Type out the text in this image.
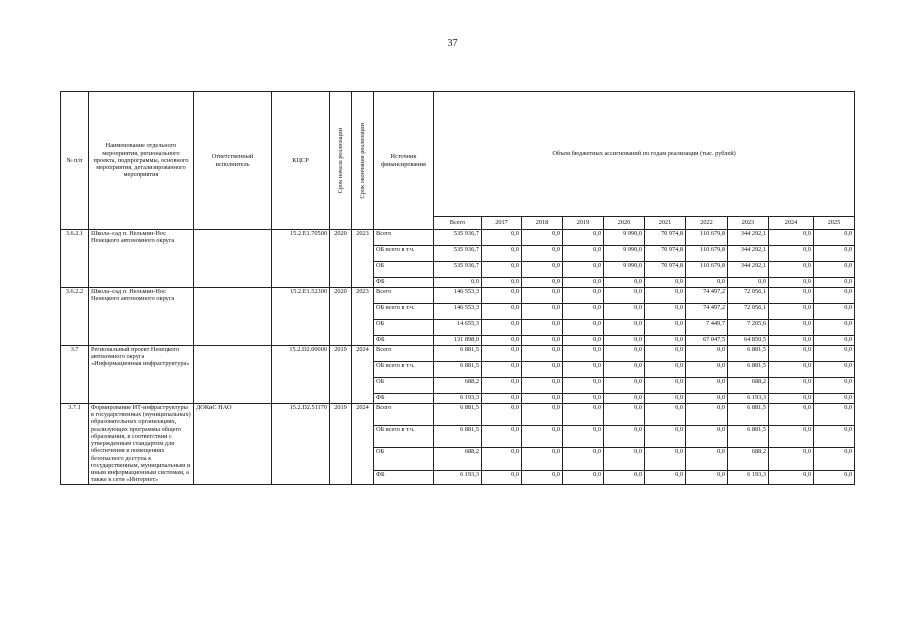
37
№ п/п	Наименование отдельного мероприятия, регионального проекта, подпрограммы, основного мероприятия, детализированного мероприятия	Ответственный исполнитель	КЦСР	Срок начала реализации	Срок окончания реализации	Источник финансирования	Объем бюджетных ассигнований по годам реализации (тыс. рублей)									
							Всего	2017	2018	2019	2020	2021	2022	2023	2024	2025
3.6.2.1	Школа–сад п. Нельмин-Нос Ненецкого автономного округа		15.2.E1.70500	2020	2023	Всего	535 936,7	0,0	0,0	0,0	9 990,0	70 974,8	110 679,8	344 292,1	0,0	0,0
						ОБ всего в т.ч.	535 936,7	0,0	0,0	0,0	9 990,0	70 974,8	110 679,8	344 292,1	0,0	0,0
						ОБ	535 936,7	0,0	0,0	0,0	9 990,0	70 974,8	110 679,8	344 292,1	0,0	0,0
						ФБ	0,0	0,0	0,0	0,0	0,0	0,0	0,0	0,0	0,0	0,0
3.6.2.2	Школа–сад п. Нельмин-Нос Ненецкого автономного округа		15.2.E1.52300	2020	2023	Всего	146 553,3	0,0	0,0	0,0	0,0	0,0	74 497,2	72 056,1	0,0	0,0
						ОБ всего в т.ч.	146 553,3	0,0	0,0	0,0	0,0	0,0	74 497,2	72 056,1	0,0	0,0
						ОБ	14 655,3	0,0	0,0	0,0	0,0	0,0	7 449,7	7 205,6	0,0	0,0
						ФБ	131 898,0	0,0	0,0	0,0	0,0	0,0	67 047,5	64 850,5	0,0	0,0
3.7	Региональный проект Ненецкого автономного округа «Информационная инфраструктура»		15.2.D2.00000	2019	2024	Всего	6 881,5	0,0	0,0	0,0	0,0	0,0	0,0	6 881,5	0,0	0,0
						ОБ всего в т.ч.	6 881,5	0,0	0,0	0,0	0,0	0,0	0,0	6 881,5	0,0	0,0
						ОБ	688,2	0,0	0,0	0,0	0,0	0,0	0,0	688,2	0,0	0,0
						ФБ	6 193,3	0,0	0,0	0,0	0,0	0,0	0,0	6 193,3	0,0	0,0
3.7.1	Формирование ИТ-инфраструктуры в государственных (муниципальных) образовательных организациях, реализующих программы общего образования, в соответствии с утвержденным стандартом для обеспечения в помещениях безопасного доступа к государственным, муниципальным и иным информационным системам, а также к сети «Интернет»	ДОКиС НАО	15.2.D2.51170	2019	2024	Всего	6 881,5	0,0	0,0	0,0	0,0	0,0	0,0	6 881,5	0,0	0,0
						ОБ всего в т.ч.	6 881,5	0,0	0,0	0,0	0,0	0,0	0,0	6 881,5	0,0	0,0
						ОБ	688,2	0,0	0,0	0,0	0,0	0,0	0,0	688,2	0,0	0,0
						ФБ	6 193,3	0,0	0,0	0,0	0,0	0,0	0,0	6 193,3	0,0	0,0
